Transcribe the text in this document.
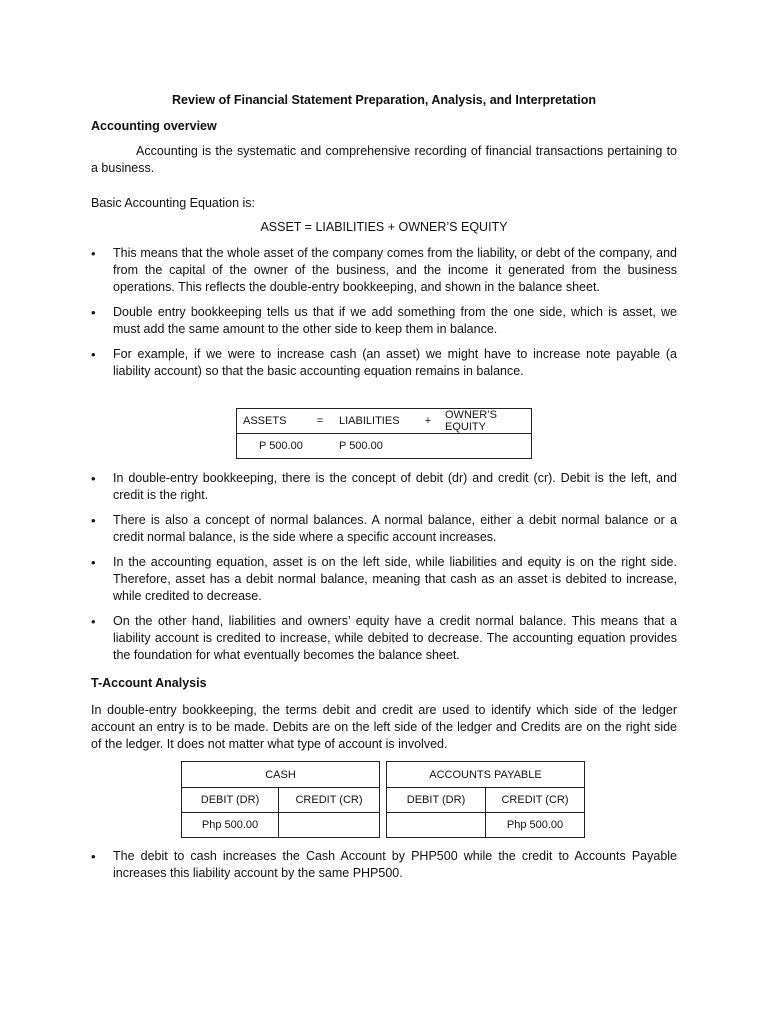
Review of Financial Statement Preparation, Analysis, and Interpretation
Accounting overview
Accounting is the systematic and comprehensive recording of financial transactions pertaining to a business.
Basic Accounting Equation is:
ASSET = LIABILITIES + OWNER’S EQUITY
• This means that the whole asset of the company comes from the liability, or debt of the company, and from the capital of the owner of the business, and the income it generated from the business operations. This reflects the double-entry bookkeeping, and shown in the balance sheet.
• Double entry bookkeeping tells us that if we add something from the one side, which is asset, we must add the same amount to the other side to keep them in balance.
• For example, if we were to increase cash (an asset) we might have to increase note payable (a liability account) so that the basic accounting equation remains in balance.
ASSETS	=	LIABILITIES	+	OWNER’S EQUITY
P 500.00		P 500.00		
• In double-entry bookkeeping, there is the concept of debit (dr) and credit (cr). Debit is the left, and credit is the right.
• There is also a concept of normal balances. A normal balance, either a debit normal balance or a credit normal balance, is the side where a specific account increases.
• In the accounting equation, asset is on the left side, while liabilities and equity is on the right side. Therefore, asset has a debit normal balance, meaning that cash as an asset is debited to increase, while credited to decrease.
• On the other hand, liabilities and owners’ equity have a credit normal balance. This means that a liability account is credited to increase, while debited to decrease. The accounting equation provides the foundation for what eventually becomes the balance sheet.
T-Account Analysis
In double-entry bookkeeping, the terms debit and credit are used to identify which side of the ledger account an entry is to be made. Debits are on the left side of the ledger and Credits are on the right side of the ledger. It does not matter what type of account is involved.
CASH	
DEBIT (DR)	CREDIT (CR)
Php 500.00	
ACCOUNTS PAYABLE	
DEBIT (DR)	CREDIT (CR)
	Php 500.00
• The debit to cash increases the Cash Account by PHP500 while the credit to Accounts Payable increases this liability account by the same PHP500.
